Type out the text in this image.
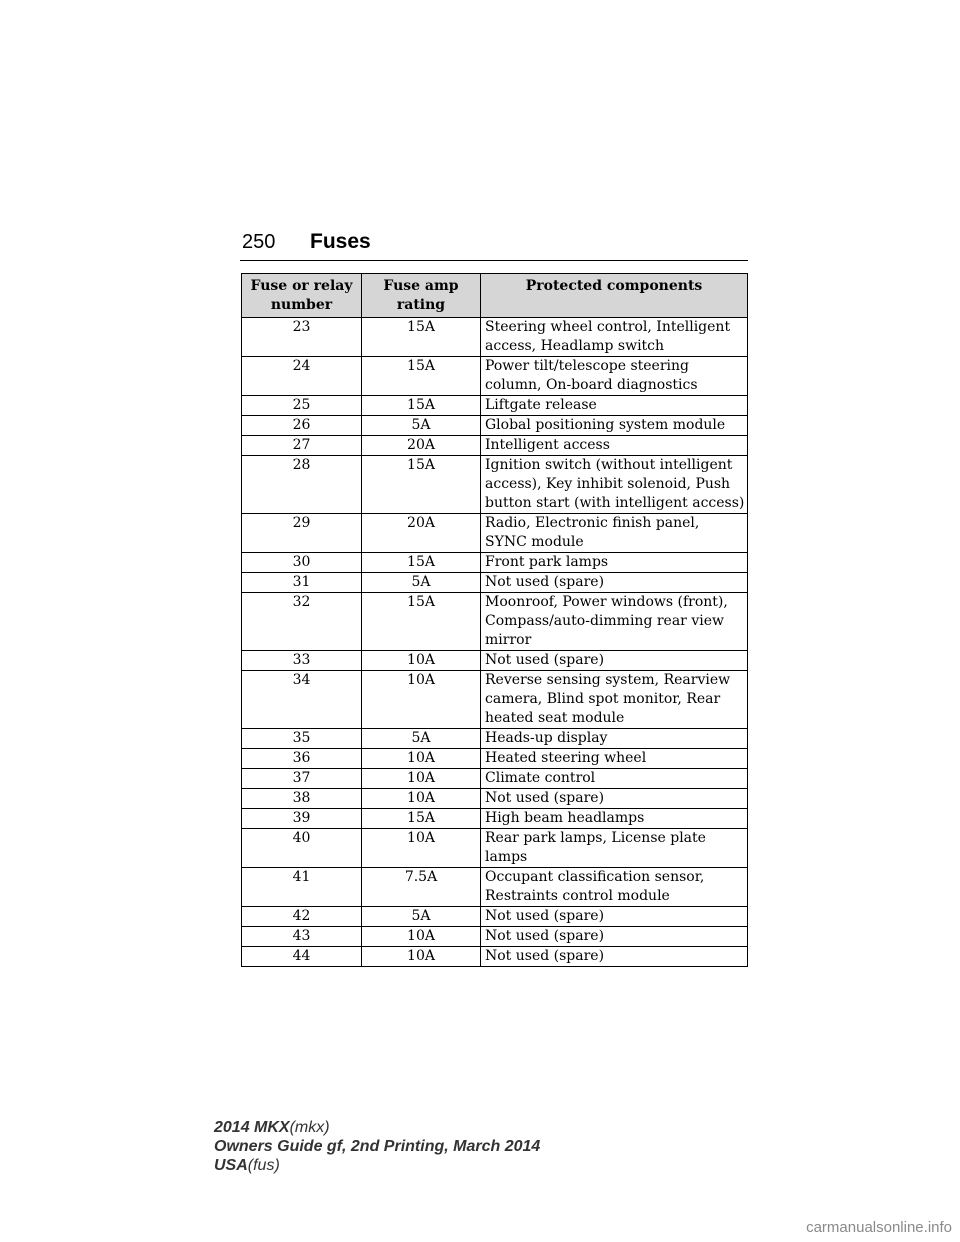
250 Fuses
Fuse or relay number	Fuse amp rating	Protected components
23	15A	Steering wheel control, Intelligent access, Headlamp switch
24	15A	Power tilt/telescope steering column, On-board diagnostics
25	15A	Liftgate release
26	5A	Global positioning system module
27	20A	Intelligent access
28	15A	Ignition switch (without intelligent access), Key inhibit solenoid, Push button start (with intelligent access)
29	20A	Radio, Electronic finish panel, SYNC module
30	15A	Front park lamps
31	5A	Not used (spare)
32	15A	Moonroof, Power windows (front), Compass/auto-dimming rear view mirror
33	10A	Not used (spare)
34	10A	Reverse sensing system, Rearview camera, Blind spot monitor, Rear heated seat module
35	5A	Heads-up display
36	10A	Heated steering wheel
37	10A	Climate control
38	10A	Not used (spare)
39	15A	High beam headlamps
40	10A	Rear park lamps, License plate lamps
41	7.5A	Occupant classification sensor, Restraints control module
42	5A	Not used (spare)
43	10A	Not used (spare)
44	10A	Not used (spare)
2014 MKX(mkx)
Owners Guide gf, 2nd Printing, March 2014
USA(fus)
carmanualsonline.info
